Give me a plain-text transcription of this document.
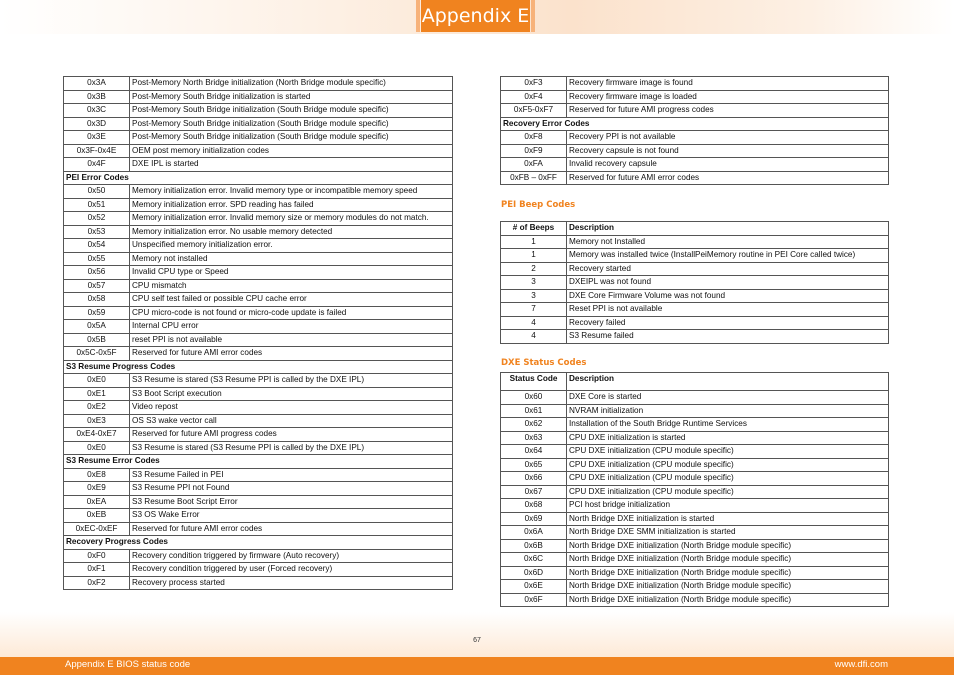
Appendix E
0x3A	Post-Memory North Bridge initialization (North Bridge module specific)
0x3B	Post-Memory South Bridge initialization is started
0x3C	Post-Memory South Bridge initialization (South Bridge module specific)
0x3D	Post-Memory South Bridge initialization (South Bridge module specific)
0x3E	Post-Memory South Bridge initialization (South Bridge module specific)
0x3F-0x4E	OEM post memory initialization codes
0x4F	DXE IPL is started
PEI Error Codes	
0x50	Memory initialization error. Invalid memory type or incompatible memory speed
0x51	Memory initialization error. SPD reading has failed
0x52	Memory initialization error. Invalid memory size or memory modules do not match.
0x53	Memory initialization error. No usable memory detected
0x54	Unspecified memory initialization error.
0x55	Memory not installed
0x56	Invalid CPU type or Speed
0x57	CPU mismatch
0x58	CPU self test failed or possible CPU cache error
0x59	CPU micro-code is not found or micro-code update is failed
0x5A	Internal CPU error
0x5B	reset PPI is not available
0x5C-0x5F	Reserved for future AMI error codes
S3 Resume Progress Codes	
0xE0	S3 Resume is stared (S3 Resume PPI is called by the DXE IPL)
0xE1	S3 Boot Script execution
0xE2	Video repost
0xE3	OS S3 wake vector call
0xE4-0xE7	Reserved for future AMI progress codes
0xE0	S3 Resume is stared (S3 Resume PPI is called by the DXE IPL)
S3 Resume Error Codes	
0xE8	S3 Resume Failed in PEI
0xE9	S3 Resume PPI not Found
0xEA	S3 Resume Boot Script Error
0xEB	S3 OS Wake Error
0xEC-0xEF	Reserved for future AMI error codes
Recovery Progress Codes	
0xF0	Recovery condition triggered by firmware (Auto recovery)
0xF1	Recovery condition triggered by user (Forced recovery)
0xF2	Recovery process started
0xF3	Recovery firmware image is found
0xF4	Recovery firmware image is loaded
0xF5-0xF7	Reserved for future AMI progress codes
Recovery Error Codes	
0xF8	Recovery PPI is not available
0xF9	Recovery capsule is not found
0xFA	Invalid recovery capsule
0xFB – 0xFF	Reserved for future AMI error codes
PEI Beep Codes
# of Beeps	Description
1	Memory not Installed
1	Memory was installed twice (InstallPeiMemory routine in PEI Core called twice)
2	Recovery started
3	DXEIPL was not found
3	DXE Core Firmware Volume was not found
7	Reset PPI is not available
4	Recovery failed
4	S3 Resume failed
DXE Status Codes
Status Code	Description
0x60	DXE Core is started
0x61	NVRAM initialization
0x62	Installation of the South Bridge Runtime Services
0x63	CPU DXE initialization is started
0x64	CPU DXE initialization (CPU module specific)
0x65	CPU DXE initialization (CPU module specific)
0x66	CPU DXE initialization (CPU module specific)
0x67	CPU DXE initialization (CPU module specific)
0x68	PCI host bridge initialization
0x69	North Bridge DXE initialization is started
0x6A	North Bridge DXE SMM initialization is started
0x6B	North Bridge DXE initialization (North Bridge module specific)
0x6C	North Bridge DXE initialization (North Bridge module specific)
0x6D	North Bridge DXE initialization (North Bridge module specific)
0x6E	North Bridge DXE initialization (North Bridge module specific)
0x6F	North Bridge DXE initialization (North Bridge module specific)
67
Appendix E BIOS status code	www.dfi.com
